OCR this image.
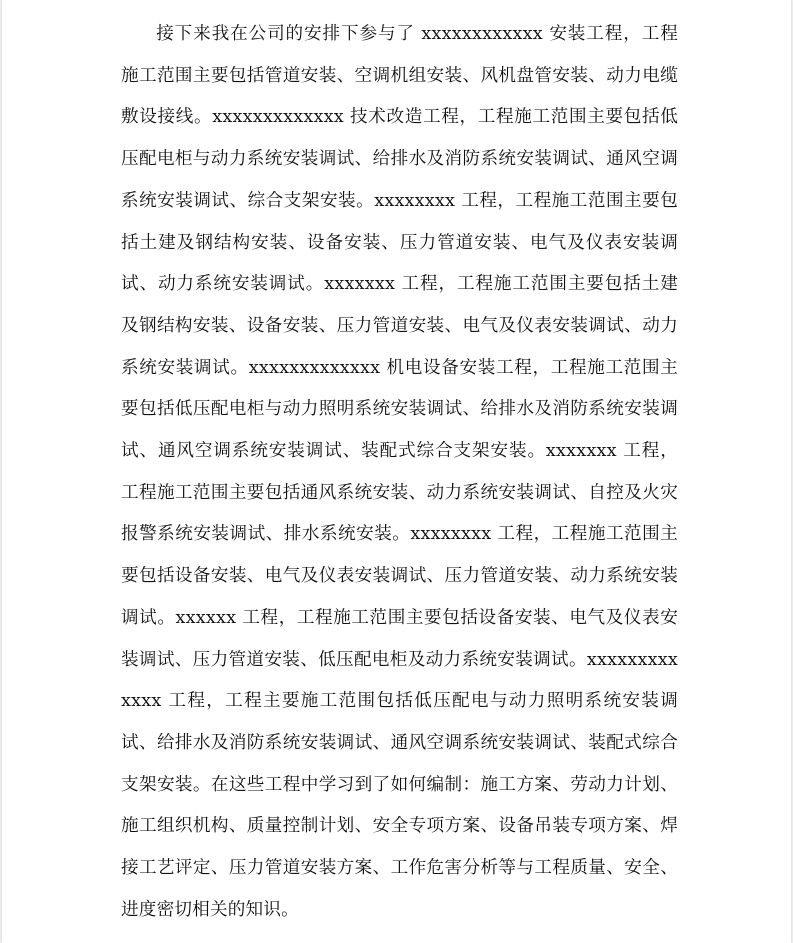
接下来我在公司的安排下参与了 xxxxxxxxxxxx 安装工程，工程施工范围主要包括管道安装、空调机组安装、风机盘管安装、动力电缆敷设接线。xxxxxxxxxxxxx 技术改造工程，工程施工范围主要包括低压配电柜与动力系统安装调试、给排水及消防系统安装调试、通风空调系统安装调试、综合支架安装。xxxxxxxx 工程，工程施工范围主要包括土建及钢结构安装、设备安装、压力管道安装、电气及仪表安装调试、动力系统安装调试。xxxxxxx 工程，工程施工范围主要包括土建及钢结构安装、设备安装、压力管道安装、电气及仪表安装调试、动力系统安装调试。xxxxxxxxxxxxx 机电设备安装工程，工程施工范围主要包括低压配电柜与动力照明系统安装调试、给排水及消防系统安装调试、通风空调系统安装调试、装配式综合支架安装。xxxxxxx 工程，工程施工范围主要包括通风系统安装、动力系统安装调试、自控及火灾报警系统安装调试、排水系统安装。xxxxxxxx 工程，工程施工范围主要包括设备安装、电气及仪表安装调试、压力管道安装、动力系统安装调试。xxxxxx 工程，工程施工范围主要包括设备安装、电气及仪表安装调试、压力管道安装、低压配电柜及动力系统安装调试。xxxxxxxxxxxxx 工程，工程主要施工范围包括低压配电与动力照明系统安装调试、给排水及消防系统安装调试、通风空调系统安装调试、装配式综合支架安装。在这些工程中学习到了如何编制：施工方案、劳动力计划、施工组织机构、质量控制计划、安全专项方案、设备吊装专项方案、焊接工艺评定、压力管道安装方案、工作危害分析等与工程质量、安全、进度密切相关的知识。
